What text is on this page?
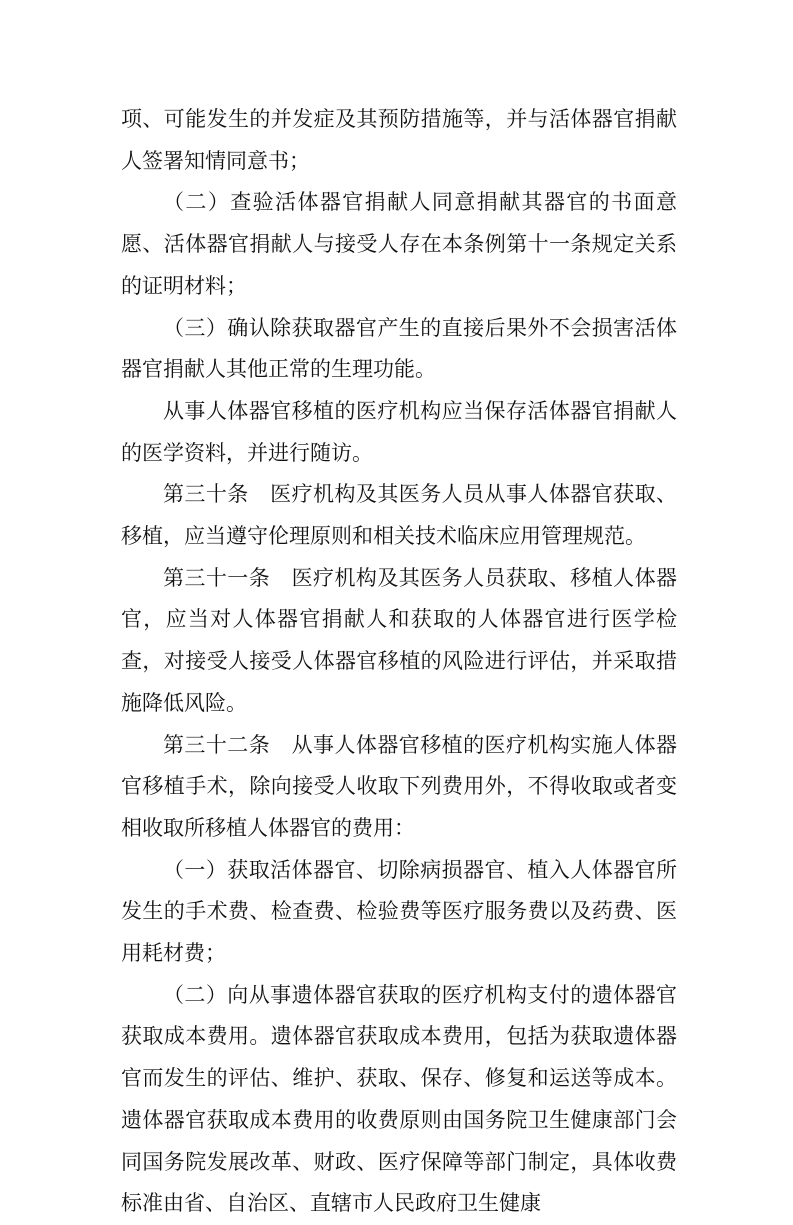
项、可能发生的并发症及其预防措施等，并与活体器官捐献人签署知情同意书；

（二）查验活体器官捐献人同意捐献其器官的书面意愿、活体器官捐献人与接受人存在本条例第十一条规定关系的证明材料；

（三）确认除获取器官产生的直接后果外不会损害活体器官捐献人其他正常的生理功能。

从事人体器官移植的医疗机构应当保存活体器官捐献人的医学资料，并进行随访。

第三十条　医疗机构及其医务人员从事人体器官获取、移植，应当遵守伦理原则和相关技术临床应用管理规范。

第三十一条　医疗机构及其医务人员获取、移植人体器官，应当对人体器官捐献人和获取的人体器官进行医学检查，对接受人接受人体器官移植的风险进行评估，并采取措施降低风险。

第三十二条　从事人体器官移植的医疗机构实施人体器官移植手术，除向接受人收取下列费用外，不得收取或者变相收取所移植人体器官的费用：

（一）获取活体器官、切除病损器官、植入人体器官所发生的手术费、检查费、检验费等医疗服务费以及药费、医用耗材费；

（二）向从事遗体器官获取的医疗机构支付的遗体器官获取成本费用。遗体器官获取成本费用，包括为获取遗体器官而发生的评估、维护、获取、保存、修复和运送等成本。遗体器官获取成本费用的收费原则由国务院卫生健康部门会同国务院发展改革、财政、医疗保障等部门制定，具体收费标准由省、自治区、直辖市人民政府卫生健康
